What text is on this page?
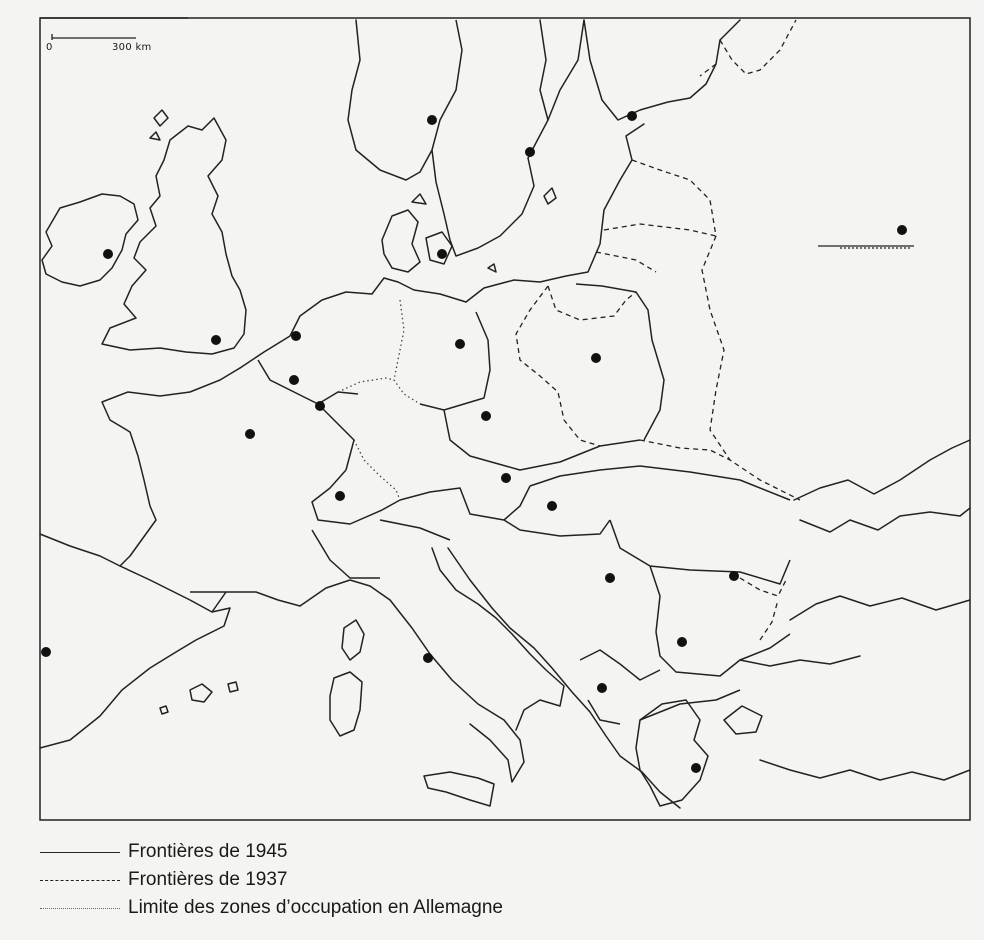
0	300 km
Frontières de 1945
Frontières de 1937
Limite des zones d’occupation en Allemagne
